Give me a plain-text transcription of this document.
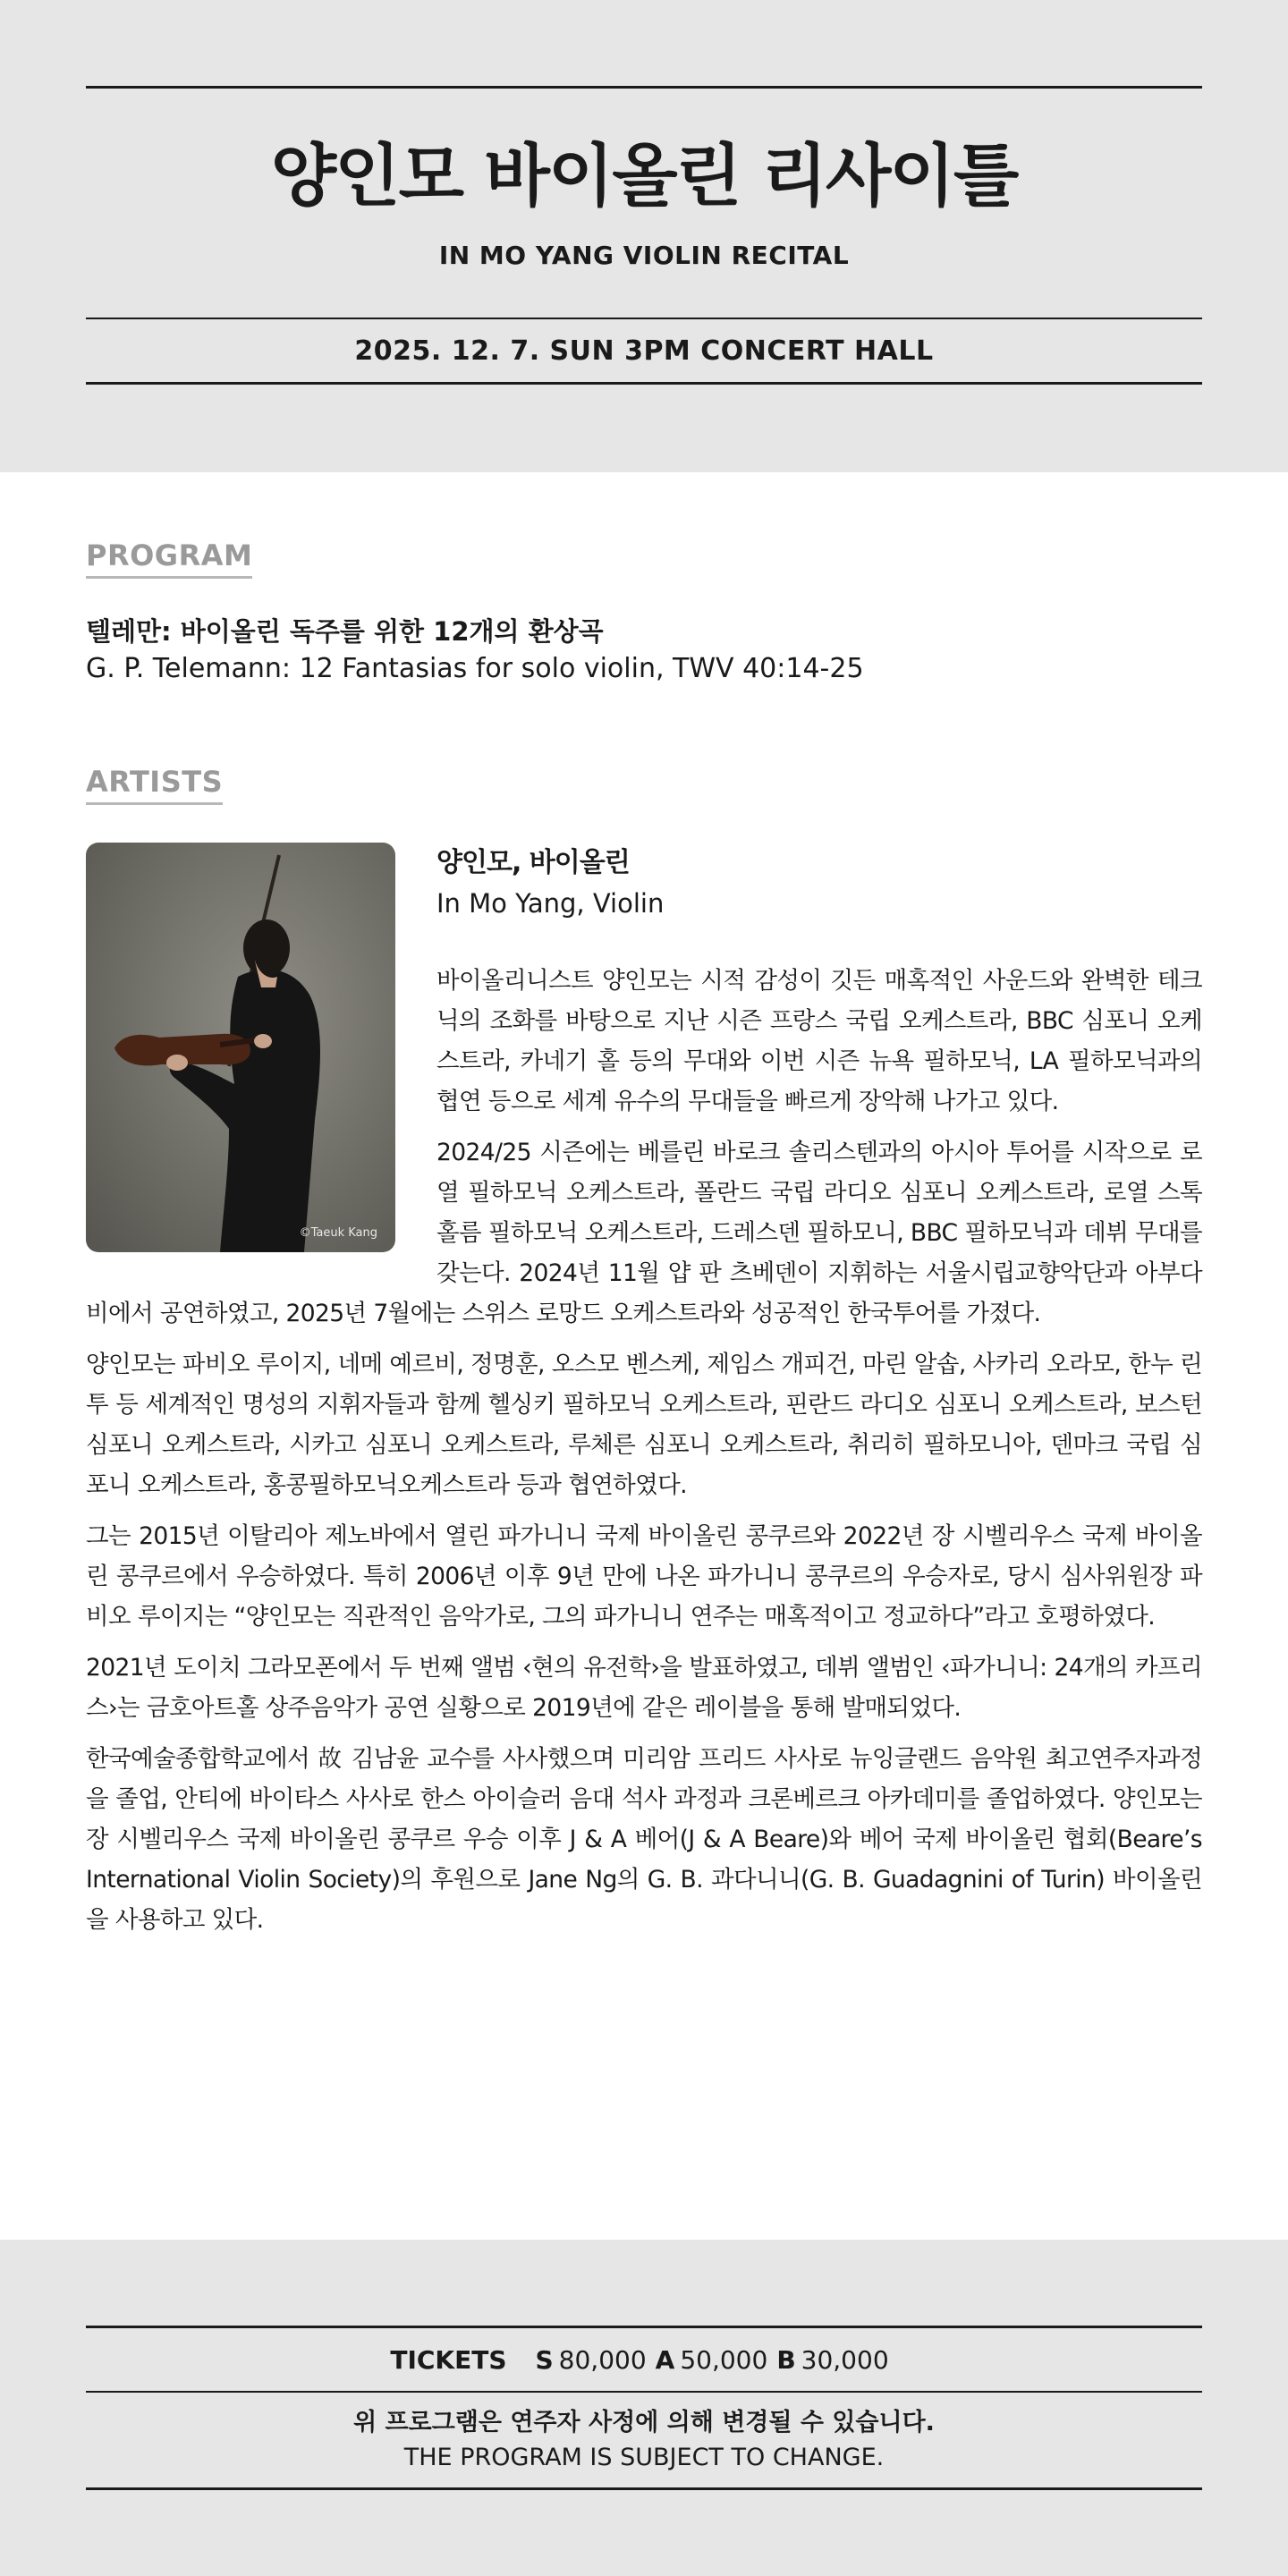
양인모 바이올린 리사이틀
IN MO YANG VIOLIN RECITAL
2025. 12. 7. SUN 3PM CONCERT HALL
PROGRAM
텔레만: 바이올린 독주를 위한 12개의 환상곡
G. P. Telemann: 12 Fantasias for solo violin, TWV 40:14-25
ARTISTS
©Taeuk Kang
양인모, 바이올린
In Mo Yang, Violin

바이올리니스트 양인모는 시적 감성이 깃든 매혹적인 사운드와 완벽한 테크닉의 조화를 바탕으로 지난 시즌 프랑스 국립 오케스트라, BBC 심포니 오케스트라, 카네기 홀 등의 무대와 이번 시즌 뉴욕 필하모닉, LA 필하모닉과의 협연 등으로 세계 유수의 무대들을 빠르게 장악해 나가고 있다.

2024/25 시즌에는 베를린 바로크 솔리스텐과의 아시아 투어를 시작으로 로열 필하모닉 오케스트라, 폴란드 국립 라디오 심포니 오케스트라, 로열 스톡홀름 필하모닉 오케스트라, 드레스덴 필하모니, BBC 필하모닉과 데뷔 무대를 갖는다. 2024년 11월 얍 판 츠베덴이 지휘하는 서울시립교향악단과 아부다비에서 공연하였고, 2025년 7월에는 스위스 로망드 오케스트라와 성공적인 한국투어를 가졌다.

양인모는 파비오 루이지, 네메 예르비, 정명훈, 오스모 벤스케, 제임스 개피건, 마린 알솝, 사카리 오라모, 한누 린투 등 세계적인 명성의 지휘자들과 함께 헬싱키 필하모닉 오케스트라, 핀란드 라디오 심포니 오케스트라, 보스턴 심포니 오케스트라, 시카고 심포니 오케스트라, 루체른 심포니 오케스트라, 취리히 필하모니아, 덴마크 국립 심포니 오케스트라, 홍콩필하모닉오케스트라 등과 협연하였다.

그는 2015년 이탈리아 제노바에서 열린 파가니니 국제 바이올린 콩쿠르와 2022년 장 시벨리우스 국제 바이올린 콩쿠르에서 우승하였다. 특히 2006년 이후 9년 만에 나온 파가니니 콩쿠르의 우승자로, 당시 심사위원장 파비오 루이지는 “양인모는 직관적인 음악가로, 그의 파가니니 연주는 매혹적이고 정교하다”라고 호평하였다.

2021년 도이치 그라모폰에서 두 번째 앨범 ‹현의 유전학›을 발표하였고, 데뷔 앨범인 ‹파가니니: 24개의 카프리스›는 금호아트홀 상주음악가 공연 실황으로 2019년에 같은 레이블을 통해 발매되었다.

한국예술종합학교에서 故 김남윤 교수를 사사했으며 미리암 프리드 사사로 뉴잉글랜드 음악원 최고연주자과정을 졸업, 안티에 바이타스 사사로 한스 아이슬러 음대 석사 과정과 크론베르크 아카데미를 졸업하였다. 양인모는 장 시벨리우스 국제 바이올린 콩쿠르 우승 이후 J & A 베어(J & A Beare)와 베어 국제 바이올린 협회(Beare’s International Violin Society)의 후원으로 Jane Ng의 G. B. 과다니니(G. B. Guadagnini of Turin) 바이올린을 사용하고 있다.

TICKETS S 80,000 A 50,000 B 30,000
위 프로그램은 연주자 사정에 의해 변경될 수 있습니다.
THE PROGRAM IS SUBJECT TO CHANGE.
